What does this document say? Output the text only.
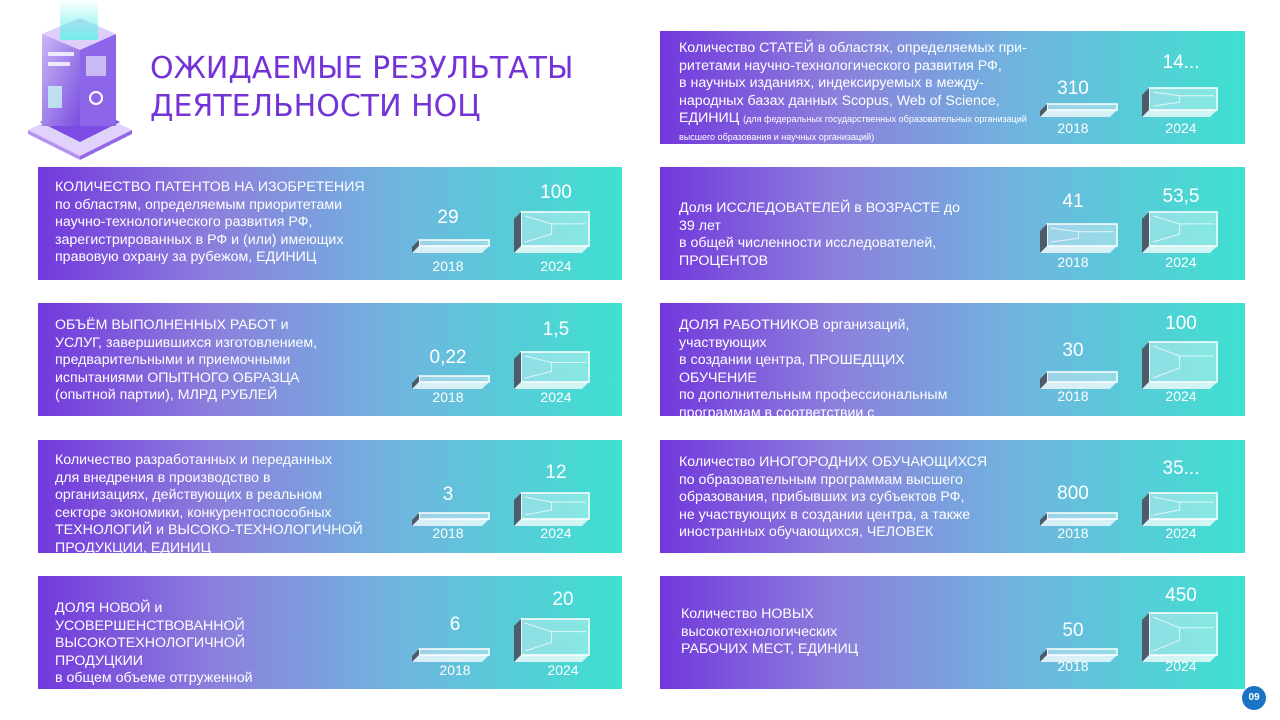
ОЖИДАЕМЫЕ РЕЗУЛЬТАТЫ
ДЕЯТЕЛЬНОСТИ НОЦ
КОЛИЧЕСТВО ПАТЕНТОВ НА ИЗОБРЕТЕНИЯ
по областям, определяемым приоритетами
научно-технологического развития РФ,
зарегистрированных в РФ и (или) имеющих
правовую охрану за рубежом, ЕДИНИЦ
29
100
2018	2024
ОБЪЁМ ВЫПОЛНЕННЫХ РАБОТ и
УСЛУГ, завершившихся изготовлением,
предварительными и приемочными
испытаниями ОПЫТНОГО ОБРАЗЦА
(опытной партии), МЛРД РУБЛЕЙ
0,22
1,5
2018	2024
Количество разработанных и переданных
для внедрения в производство в
организациях, действующих в реальном
секторе экономики, конкурентоспособных
ТЕХНОЛОГИЙ и ВЫСОКО-ТЕХНОЛОГИЧНОЙ
ПРОДУКЦИИ, ЕДИНИЦ
3
12
2018	2024
ДОЛЯ НОВОЙ и
УСОВЕРШЕНСТВОВАННОЙ
ВЫСОКОТЕХНОЛОГИЧНОЙ
ПРОДУЦКИИ
в общем объеме отгруженной
6
20
2018	2024
Количество СТАТЕЙ в областях, определяемых при-
ритетами научно-технологического развития РФ,
в научных изданиях, индексируемых в между-
народных базах данных Scopus, Web of Science,
ЕДИНИЦ (для федеральных государственных образовательных организаций высшего образования и научных организаций)
310
14...
2018	2024
Доля ИССЛЕДОВАТЕЛЕЙ в ВОЗРАСТЕ до
39 лет
в общей численности исследователей,
ПРОЦЕНТОВ
41	53,5
2018	2024
ДОЛЯ РАБОТНИКОВ организаций,
участвующих
в создании центра, ПРОШЕДЩИХ
ОБУЧЕНИЕ
по дополнительным профессиональным
программам в соответствии с

30
100
2018	2024
Количество ИНОГОРОДНИХ ОБУЧАЮЩИХСЯ
по образовательным программам высшего
образования, прибывших из субъектов РФ,
не участвующих в создании центра, а также
иностранных обучающихся, ЧЕЛОВЕК
800
35...
2018	2024
Количество НОВЫХ
высокотехнологических
РАБОЧИХ МЕСТ, ЕДИНИЦ
50
450
2018	2024
09
